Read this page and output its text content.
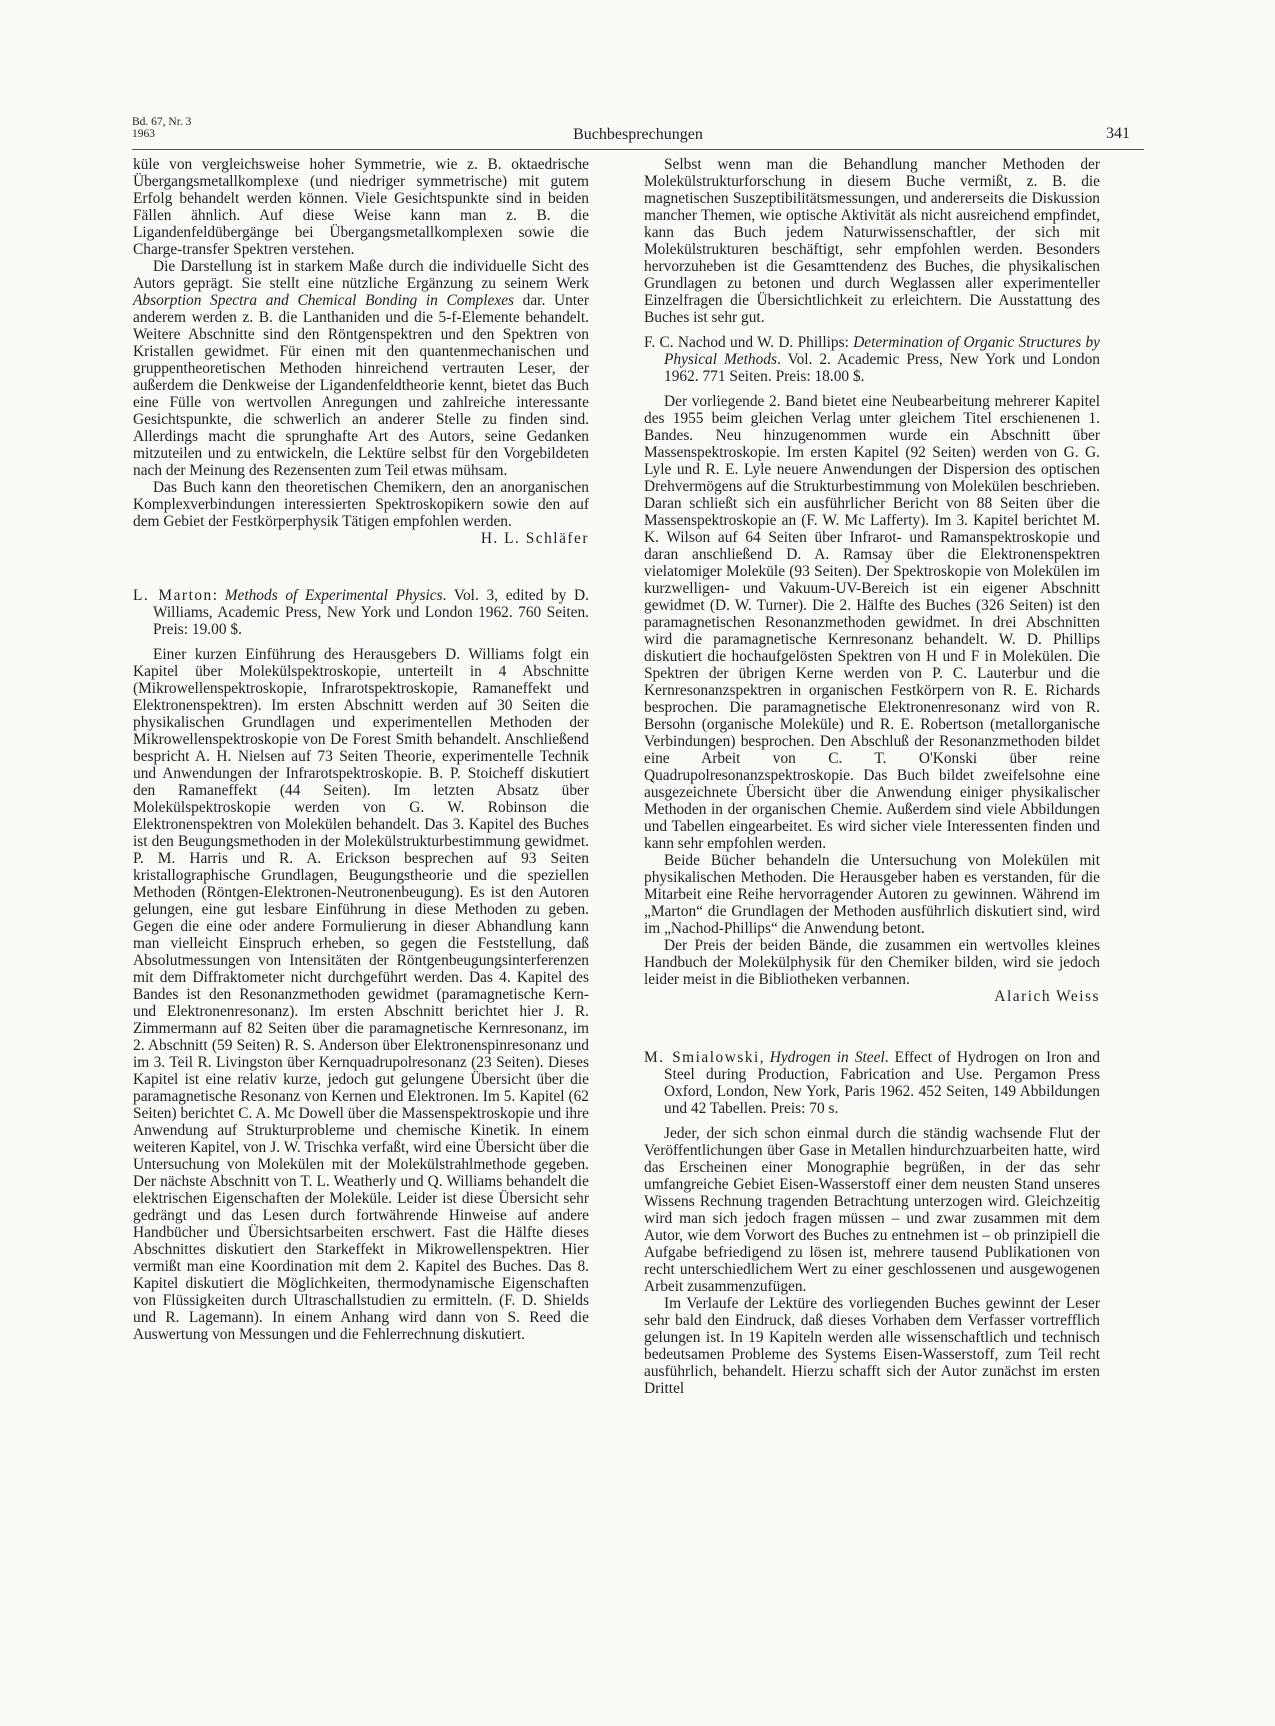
Bd. 67, Nr. 3
1963	Buchbesprechungen	341

küle von vergleichsweise hoher Symmetrie, wie z. B. oktaedrische Übergangsmetallkomplexe (und niedriger symmetrische) mit gutem Erfolg behandelt werden können. Viele Gesichtspunkte sind in beiden Fällen ähnlich. Auf diese Weise kann man z. B. die Ligandenfeldübergänge bei Übergangsmetallkomplexen sowie die Charge-transfer Spektren verstehen.

Die Darstellung ist in starkem Maße durch die individuelle Sicht des Autors geprägt. Sie stellt eine nützliche Ergänzung zu seinem Werk Absorption Spectra and Chemical Bonding in Complexes dar. Unter anderem werden z. B. die Lanthaniden und die 5-f-Elemente behandelt. Weitere Abschnitte sind den Röntgenspektren und den Spektren von Kristallen gewidmet. Für einen mit den quantenmechanischen und gruppentheoretischen Methoden hinreichend vertrauten Leser, der außerdem die Denkweise der Ligandenfeldtheorie kennt, bietet das Buch eine Fülle von wertvollen Anregungen und zahlreiche interessante Gesichtspunkte, die schwerlich an anderer Stelle zu finden sind. Allerdings macht die sprunghafte Art des Autors, seine Gedanken mitzuteilen und zu entwickeln, die Lektüre selbst für den Vorgebildeten nach der Meinung des Rezensenten zum Teil etwas mühsam.

Das Buch kann den theoretischen Chemikern, den an anorganischen Komplexverbindungen interessierten Spektroskopikern sowie den auf dem Gebiet der Festkörperphysik Tätigen empfohlen werden.

H. L. Schläfer

L. Marton: Methods of Experimental Physics. Vol. 3, edited by D. Williams, Academic Press, New York und London 1962. 760 Seiten. Preis: 19.00 $.

Einer kurzen Einführung des Herausgebers D. Williams folgt ein Kapitel über Molekülspektroskopie, unterteilt in 4 Abschnitte (Mikrowellenspektroskopie, Infrarotspektroskopie, Ramaneffekt und Elektronenspektren). Im ersten Abschnitt werden auf 30 Seiten die physikalischen Grundlagen und experimentellen Methoden der Mikrowellenspektroskopie von De Forest Smith behandelt. Anschließend bespricht A. H. Nielsen auf 73 Seiten Theorie, experimentelle Technik und Anwendungen der Infrarotspektroskopie. B. P. Stoicheff diskutiert den Ramaneffekt (44 Seiten). Im letzten Absatz über Molekülspektroskopie werden von G. W. Robinson die Elektronenspektren von Molekülen behandelt. Das 3. Kapitel des Buches ist den Beugungsmethoden in der Molekülstrukturbestimmung gewidmet. P. M. Harris und R. A. Erickson besprechen auf 93 Seiten kristallographische Grundlagen, Beugungstheorie und die speziellen Methoden (Röntgen-Elektronen-Neutronenbeugung). Es ist den Autoren gelungen, eine gut lesbare Einführung in diese Methoden zu geben. Gegen die eine oder andere Formulierung in dieser Abhandlung kann man vielleicht Einspruch erheben, so gegen die Feststellung, daß Absolutmessungen von Intensitäten der Röntgenbeugungsinterferenzen mit dem Diffraktometer nicht durchgeführt werden. Das 4. Kapitel des Bandes ist den Resonanzmethoden gewidmet (paramagnetische Kern- und Elektronenresonanz). Im ersten Abschnitt berichtet hier J. R. Zimmermann auf 82 Seiten über die paramagnetische Kernresonanz, im 2. Abschnitt (59 Seiten) R. S. Anderson über Elektronenspinresonanz und im 3. Teil R. Livingston über Kernquadrupolresonanz (23 Seiten). Dieses Kapitel ist eine relativ kurze, jedoch gut gelungene Übersicht über die paramagnetische Resonanz von Kernen und Elektronen. Im 5. Kapitel (62 Seiten) berichtet C. A. Mc Dowell über die Massenspektroskopie und ihre Anwendung auf Strukturprobleme und chemische Kinetik. In einem weiteren Kapitel, von J. W. Trischka verfaßt, wird eine Übersicht über die Untersuchung von Molekülen mit der Molekülstrahlmethode gegeben. Der nächste Abschnitt von T. L. Weatherly und Q. Williams behandelt die elektrischen Eigenschaften der Moleküle. Leider ist diese Übersicht sehr gedrängt und das Lesen durch fortwährende Hinweise auf andere Handbücher und Übersichtsarbeiten erschwert. Fast die Hälfte dieses Abschnittes diskutiert den Starkeffekt in Mikrowellenspektren. Hier vermißt man eine Koordination mit dem 2. Kapitel des Buches. Das 8. Kapitel diskutiert die Möglichkeiten, thermodynamische Eigenschaften von Flüssigkeiten durch Ultraschallstudien zu ermitteln. (F. D. Shields und R. Lagemann). In einem Anhang wird dann von S. Reed die Auswertung von Messungen und die Fehlerrechnung diskutiert.

Selbst wenn man die Behandlung mancher Methoden der Molekülstrukturforschung in diesem Buche vermißt, z. B. die magnetischen Suszeptibilitätsmessungen, und andererseits die Diskussion mancher Themen, wie optische Aktivität als nicht ausreichend empfindet, kann das Buch jedem Naturwissenschaftler, der sich mit Molekülstrukturen beschäftigt, sehr empfohlen werden. Besonders hervorzuheben ist die Gesamttendenz des Buches, die physikalischen Grundlagen zu betonen und durch Weglassen aller experimenteller Einzelfragen die Übersichtlichkeit zu erleichtern. Die Ausstattung des Buches ist sehr gut.

F. C. Nachod und W. D. Phillips: Determination of Organic Structures by Physical Methods. Vol. 2. Academic Press, New York und London 1962. 771 Seiten. Preis: 18.00 $.

Der vorliegende 2. Band bietet eine Neubearbeitung mehrerer Kapitel des 1955 beim gleichen Verlag unter gleichem Titel erschienenen 1. Bandes. Neu hinzugenommen wurde ein Abschnitt über Massenspektroskopie. Im ersten Kapitel (92 Seiten) werden von G. G. Lyle und R. E. Lyle neuere Anwendungen der Dispersion des optischen Drehvermögens auf die Strukturbestimmung von Molekülen beschrieben. Daran schließt sich ein ausführlicher Bericht von 88 Seiten über die Massenspektroskopie an (F. W. Mc Lafferty). Im 3. Kapitel berichtet M. K. Wilson auf 64 Seiten über Infrarot- und Ramanspektroskopie und daran anschließend D. A. Ramsay über die Elektronenspektren vielatomiger Moleküle (93 Seiten). Der Spektroskopie von Molekülen im kurzwelligen- und Vakuum-UV-Bereich ist ein eigener Abschnitt gewidmet (D. W. Turner). Die 2. Hälfte des Buches (326 Seiten) ist den paramagnetischen Resonanzmethoden gewidmet. In drei Abschnitten wird die paramagnetische Kernresonanz behandelt. W. D. Phillips diskutiert die hochaufgelösten Spektren von H und F in Molekülen. Die Spektren der übrigen Kerne werden von P. C. Lauterbur und die Kernresonanzspektren in organischen Festkörpern von R. E. Richards besprochen. Die paramagnetische Elektronenresonanz wird von R. Bersohn (organische Moleküle) und R. E. Robertson (metallorganische Verbindungen) besprochen. Den Abschluß der Resonanzmethoden bildet eine Arbeit von C. T. O'Konski über reine Quadrupolresonanzspektroskopie. Das Buch bildet zweifelsohne eine ausgezeichnete Übersicht über die Anwendung einiger physikalischer Methoden in der organischen Chemie. Außerdem sind viele Abbildungen und Tabellen eingearbeitet. Es wird sicher viele Interessenten finden und kann sehr empfohlen werden.

Beide Bücher behandeln die Untersuchung von Molekülen mit physikalischen Methoden. Die Herausgeber haben es verstanden, für die Mitarbeit eine Reihe hervorragender Autoren zu gewinnen. Während im „Marton“ die Grundlagen der Methoden ausführlich diskutiert sind, wird im „Nachod-Phillips“ die Anwendung betont.

Der Preis der beiden Bände, die zusammen ein wertvolles kleines Handbuch der Molekülphysik für den Chemiker bilden, wird sie jedoch leider meist in die Bibliotheken verbannen.

Alarich Weiss

M. Smialowski, Hydrogen in Steel. Effect of Hydrogen on Iron and Steel during Production, Fabrication and Use. Pergamon Press Oxford, London, New York, Paris 1962. 452 Seiten, 149 Abbildungen und 42 Tabellen. Preis: 70 s.

Jeder, der sich schon einmal durch die ständig wachsende Flut der Veröffentlichungen über Gase in Metallen hindurchzuarbeiten hatte, wird das Erscheinen einer Monographie begrüßen, in der das sehr umfangreiche Gebiet Eisen-Wasserstoff einer dem neusten Stand unseres Wissens Rechnung tragenden Betrachtung unterzogen wird. Gleichzeitig wird man sich jedoch fragen müssen – und zwar zusammen mit dem Autor, wie dem Vorwort des Buches zu entnehmen ist – ob prinzipiell die Aufgabe befriedigend zu lösen ist, mehrere tausend Publikationen von recht unterschiedlichem Wert zu einer geschlossenen und ausgewogenen Arbeit zusammenzufügen.

Im Verlaufe der Lektüre des vorliegenden Buches gewinnt der Leser sehr bald den Eindruck, daß dieses Vorhaben dem Verfasser vortrefflich gelungen ist. In 19 Kapiteln werden alle wissenschaftlich und technisch bedeutsamen Probleme des Systems Eisen-Wasserstoff, zum Teil recht ausführlich, behandelt. Hierzu schafft sich der Autor zunächst im ersten Drittel
